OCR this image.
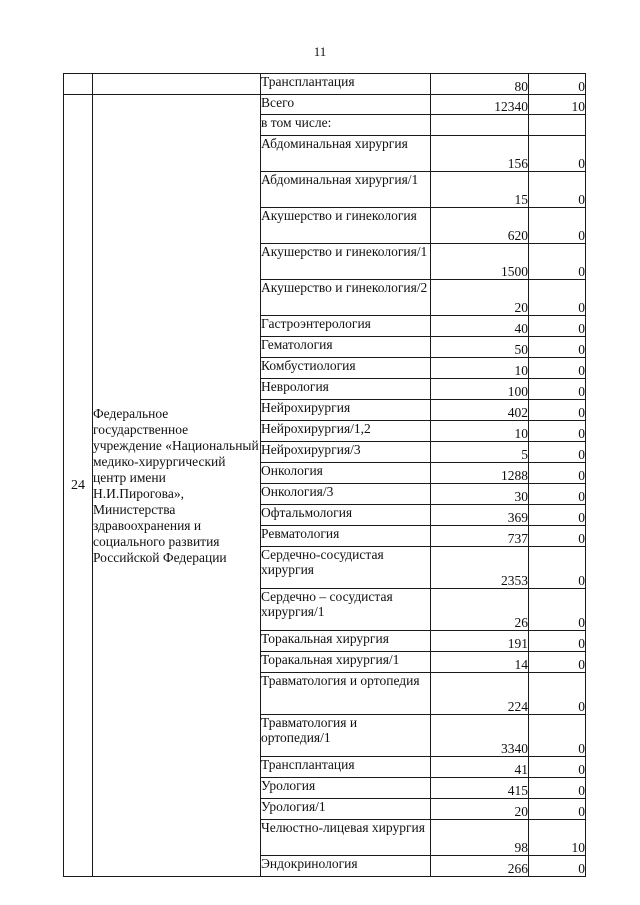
11
		Трансплантация	80	0
24	Федеральное государственное учреждение «Национальный медико-хирургический центр имени Н.И.Пирогова», Министерства здравоохранения и социального развития Российской Федерации	Всего	12340	10
		в том числе:		
		Абдоминальная хирургия	156	0
		Абдоминальная хирургия/1	15	0
		Акушерство и гинекология	620	0
		Акушерство и гинекология/1	1500	0
		Акушерство и гинекология/2	20	0
		Гастроэнтерология	40	0
		Гематология	50	0
		Комбустиология	10	0
		Неврология	100	0
		Нейрохирургия	402	0
		Нейрохирургия/1,2	10	0
		Нейрохирургия/3	5	0
		Онкология	1288	0
		Онкология/3	30	0
		Офтальмология	369	0
		Ревматология	737	0
		Сердечно-сосудистая хирургия	2353	0
		Сердечно – сосудистая хирургия/1	26	0
		Торакальная хирургия	191	0
		Торакальная хирургия/1	14	0
		Травматология и ортопедия	224	0
		Травматология и ортопедия/1	3340	0
		Трансплантация	41	0
		Урология	415	0
		Урология/1	20	0
		Челюстно-лицевая хирургия	98	10
		Эндокринология	266	0
